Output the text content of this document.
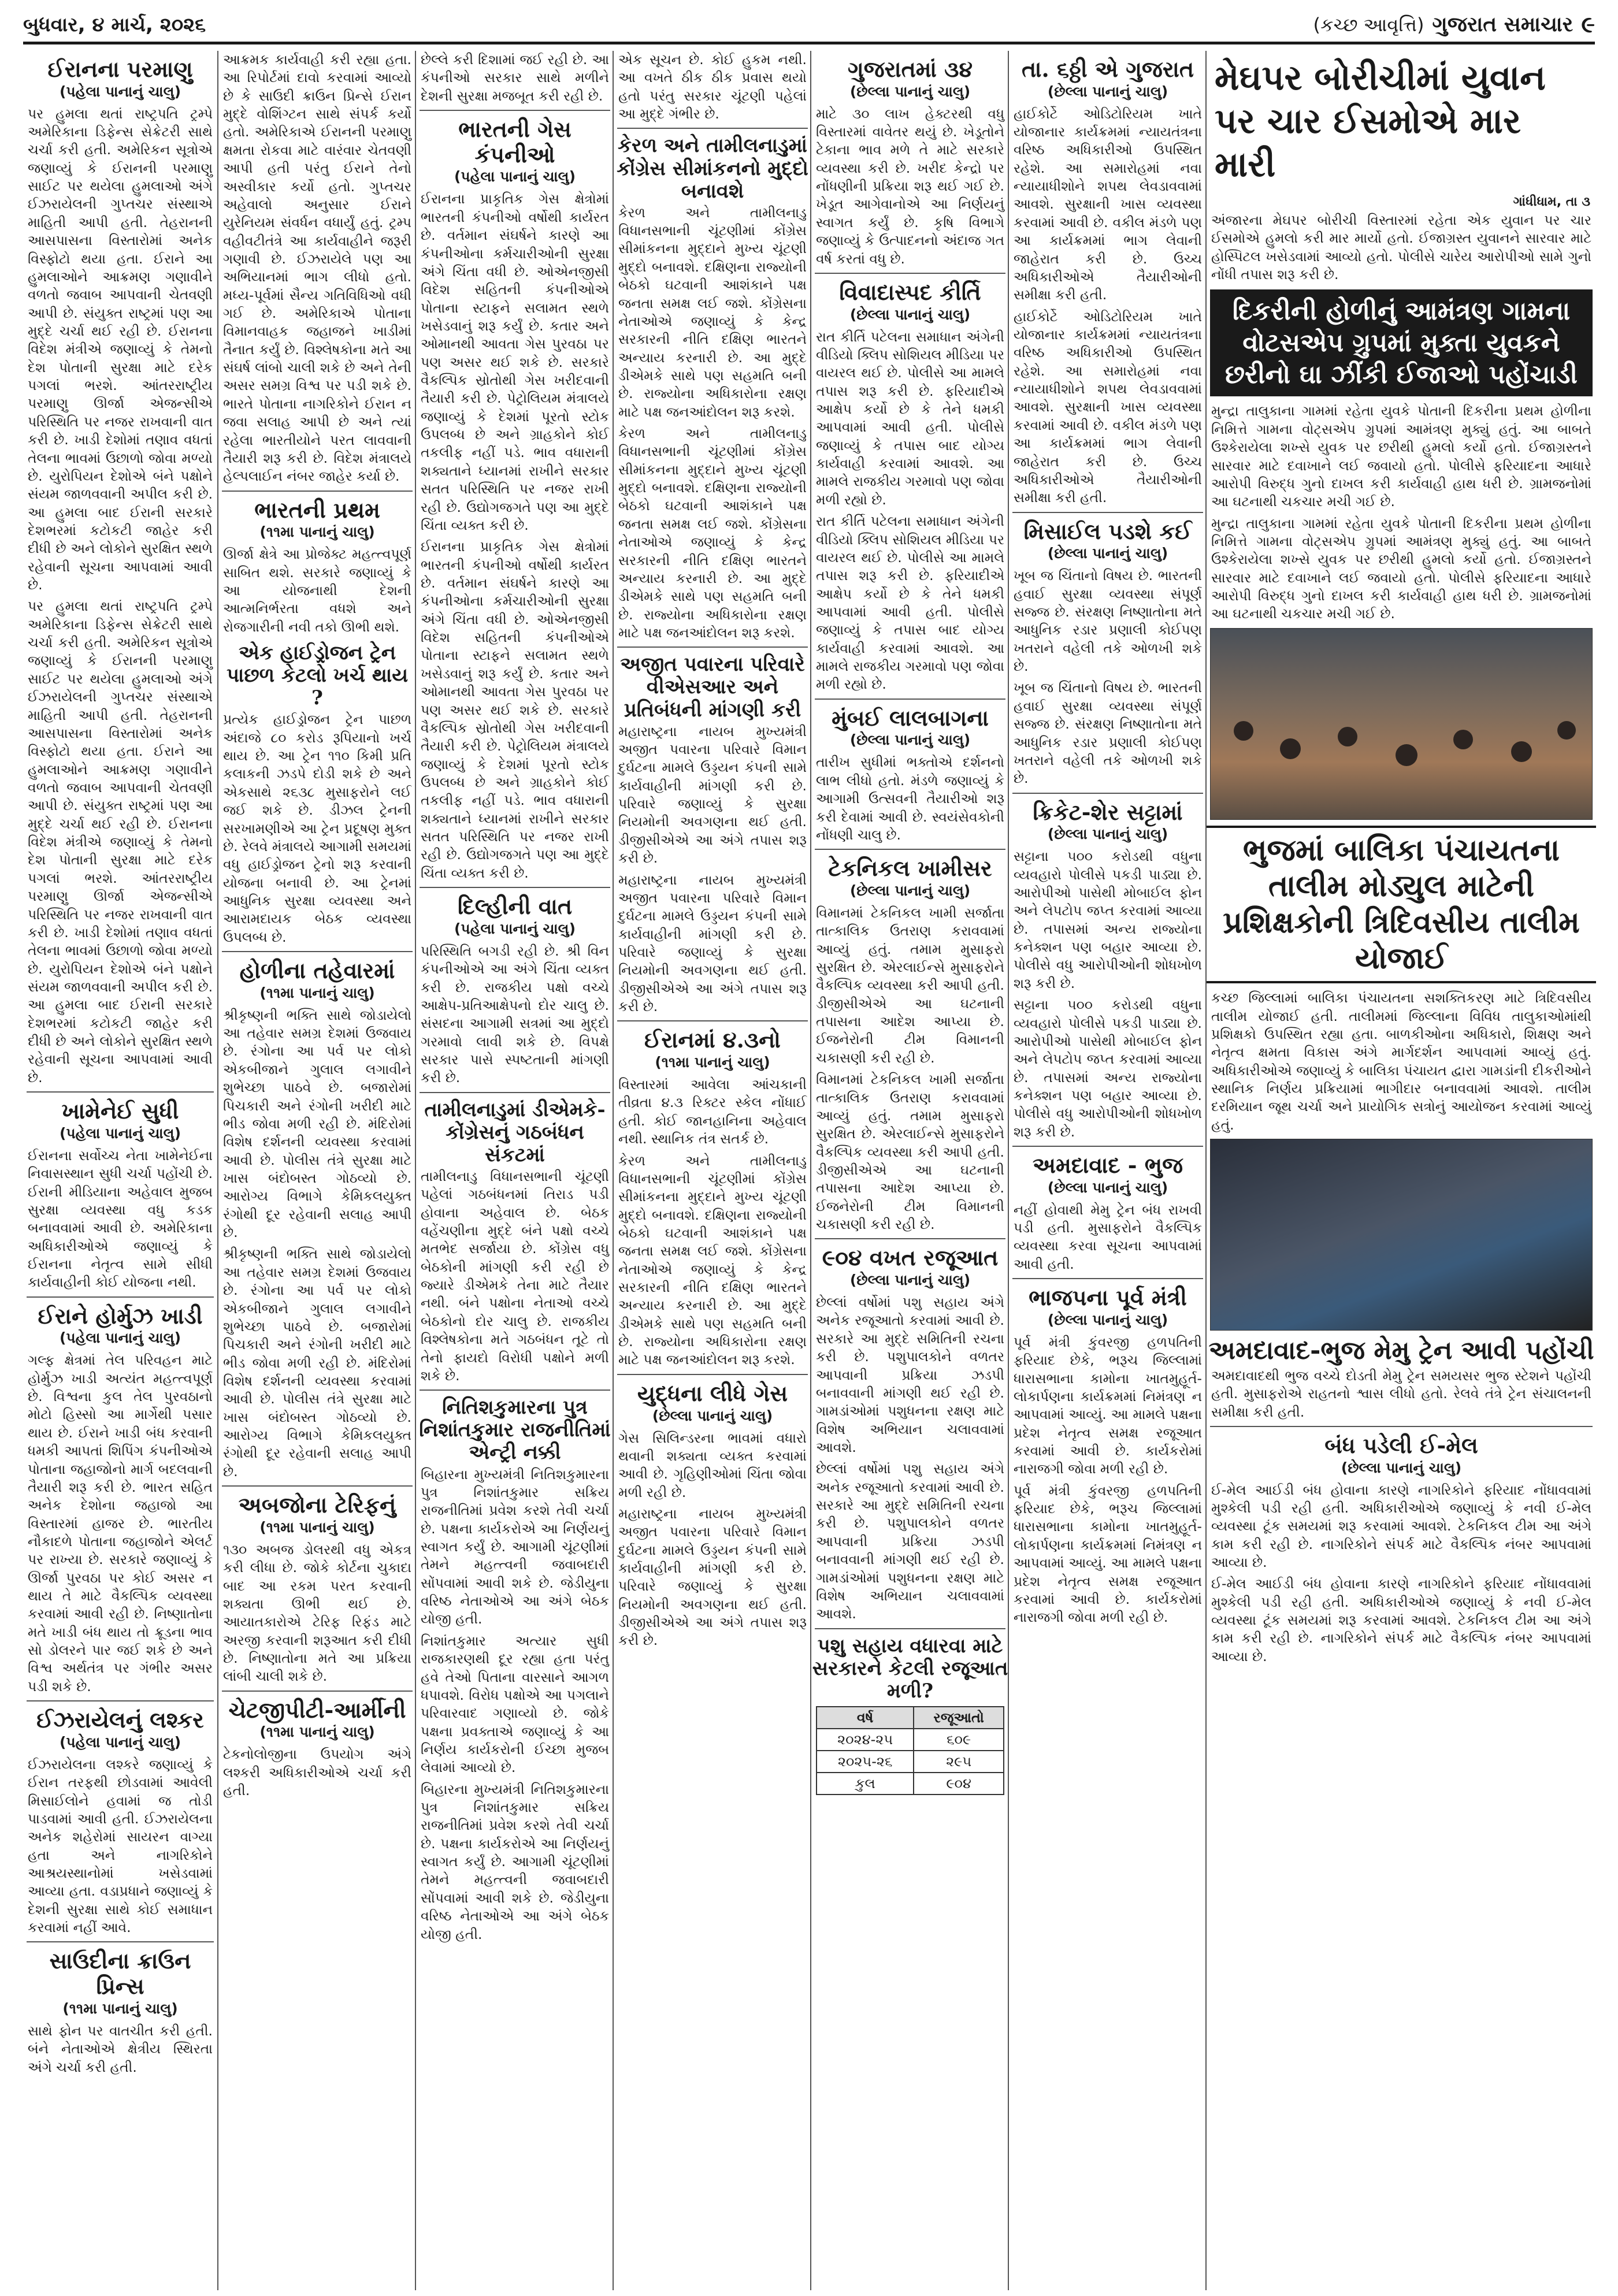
બુધવાર, ૪ માર્ચ, ૨૦૨૬	(કચ્છ આવૃત્તિ) ગુજરાત સમાચાર ૯
ઈરાનના પરમાણુ
(પહેલા પાનાનું ચાલુ)
પર હુમલા થતાં રાષ્ટ્રપતિ ટ્રમ્પે અમેરિકાના ડિફેન્સ સેક્રેટરી સાથે ચર્ચા કરી હતી. અમેરિકન સૂત્રોએ જણાવ્યું કે ઈરાનની પરમાણુ સાઈટ પર થયેલા હુમલાઓ અંગે ઈઝરાયેલની ગુપ્તચર સંસ્થાએ માહિતી આપી હતી. તેહરાનની આસપાસના વિસ્તારોમાં અનેક વિસ્ફોટો થયા હતા. ઈરાને આ હુમલાઓને આક્રમણ ગણાવીને વળતો જવાબ આપવાની ચેતવણી આપી છે. સંયુક્ત રાષ્ટ્રમાં પણ આ મુદ્દે ચર્ચા થઈ રહી છે. ઈરાનના વિદેશ મંત્રીએ જણાવ્યું કે તેમનો દેશ પોતાની સુરક્ષા માટે દરેક પગલાં ભરશે. આંતરરાષ્ટ્રીય પરમાણુ ઊર્જા એજન્સીએ પરિસ્થિતિ પર નજર રાખવાની વાત કરી છે. ખાડી દેશોમાં તણાવ વધતાં તેલના ભાવમાં ઉછાળો જોવા મળ્યો છે. યુરોપિયન દેશોએ બંને પક્ષોને સંયમ જાળવવાની અપીલ કરી છે. આ હુમલા બાદ ઈરાની સરકારે દેશભરમાં કટોકટી જાહેર કરી દીધી છે અને લોકોને સુરક્ષિત સ્થળે રહેવાની સૂચના આપવામાં આવી છે.
પર હુમલા થતાં રાષ્ટ્રપતિ ટ્રમ્પે અમેરિકાના ડિફેન્સ સેક્રેટરી સાથે ચર્ચા કરી હતી. અમેરિકન સૂત્રોએ જણાવ્યું કે ઈરાનની પરમાણુ સાઈટ પર થયેલા હુમલાઓ અંગે ઈઝરાયેલની ગુપ્તચર સંસ્થાએ માહિતી આપી હતી. તેહરાનની આસપાસના વિસ્તારોમાં અનેક વિસ્ફોટો થયા હતા. ઈરાને આ હુમલાઓને આક્રમણ ગણાવીને વળતો જવાબ આપવાની ચેતવણી આપી છે. સંયુક્ત રાષ્ટ્રમાં પણ આ મુદ્દે ચર્ચા થઈ રહી છે. ઈરાનના વિદેશ મંત્રીએ જણાવ્યું કે તેમનો દેશ પોતાની સુરક્ષા માટે દરેક પગલાં ભરશે. આંતરરાષ્ટ્રીય પરમાણુ ઊર્જા એજન્સીએ પરિસ્થિતિ પર નજર રાખવાની વાત કરી છે. ખાડી દેશોમાં તણાવ વધતાં તેલના ભાવમાં ઉછાળો જોવા મળ્યો છે. યુરોપિયન દેશોએ બંને પક્ષોને સંયમ જાળવવાની અપીલ કરી છે. આ હુમલા બાદ ઈરાની સરકારે દેશભરમાં કટોકટી જાહેર કરી દીધી છે અને લોકોને સુરક્ષિત સ્થળે રહેવાની સૂચના આપવામાં આવી છે.
ખામેનેઈ સુધી
(પહેલા પાનાનું ચાલુ)
ઈરાનના સર્વોચ્ચ નેતા ખામેનેઈના નિવાસસ્થાન સુધી ચર્ચા પહોંચી છે. ઈરાની મીડિયાના અહેવાલ મુજબ સુરક્ષા વ્યવસ્થા વધુ કડક બનાવવામાં આવી છે. અમેરિકાના અધિકારીઓએ જણાવ્યું કે ઈરાનના નેતૃત્વ સામે સીધી કાર્યવાહીની કોઈ યોજના નથી.
ઈરાને હોર્મુઝ ખાડી
(પહેલા પાનાનું ચાલુ)
ગલ્ફ ક્ષેત્રમાં તેલ પરિવહન માટે હોર્મુઝ ખાડી અત્યંત મહત્ત્વપૂર્ણ છે. વિશ્વના કુલ તેલ પુરવઠાનો મોટો હિસ્સો આ માર્ગેથી પસાર થાય છે. ઈરાને ખાડી બંધ કરવાની ધમકી આપતાં શિપિંગ કંપનીઓએ પોતાના જહાજોનો માર્ગ બદલવાની તૈયારી શરૂ કરી છે. ભારત સહિત અનેક દેશોના જહાજો આ વિસ્તારમાં હાજર છે. ભારતીય નૌકાદળે પોતાના જહાજોને એલર્ટ પર રાખ્યા છે. સરકારે જણાવ્યું કે ઊર્જા પુરવઠા પર કોઈ અસર ન થાય તે માટે વૈકલ્પિક વ્યવસ્થા કરવામાં આવી રહી છે. નિષ્ણાતોના મતે ખાડી બંધ થાય તો ક્રૂડના ભાવ સો ડોલરને પાર જઈ શકે છે અને વિશ્વ અર્થતંત્ર પર ગંભીર અસર પડી શકે છે.
ઈઝરાયેલનું લશ્કર
(પહેલા પાનાનું ચાલુ)
ઈઝરાયેલના લશ્કરે જણાવ્યું કે ઈરાન તરફથી છોડવામાં આવેલી મિસાઈલોને હવામાં જ તોડી પાડવામાં આવી હતી. ઈઝરાયેલના અનેક શહેરોમાં સાયરન વાગ્યા હતા અને નાગરિકોને આશ્રયસ્થાનોમાં ખસેડવામાં આવ્યા હતા. વડાપ્રધાને જણાવ્યું કે દેશની સુરક્ષા સાથે કોઈ સમાધાન કરવામાં નહીં આવે.
સાઉદીના ક્રાઉન પ્રિન્સ
(૧૧મા પાનાનું ચાલુ)
સાથે ફોન પર વાતચીત કરી હતી. બંને નેતાઓએ ક્ષેત્રીય સ્થિરતા અંગે ચર્ચા કરી હતી.
આક્રમક કાર્યવાહી કરી રહ્યા હતા. આ રિપોર્ટમાં દાવો કરવામાં આવ્યો છે કે સાઉદી ક્રાઉન પ્રિન્સે ઈરાન મુદ્દે વોશિંગ્ટન સાથે સંપર્ક કર્યો હતો. અમેરિકાએ ઈરાનની પરમાણુ ક્ષમતા રોકવા માટે વારંવાર ચેતવણી આપી હતી પરંતુ ઈરાને તેનો અસ્વીકાર કર્યો હતો. ગુપ્તચર અહેવાલો અનુસાર ઈરાને યુરેનિયમ સંવર્ધન વધાર્યું હતું. ટ્રમ્પ વહીવટીતંત્રે આ કાર્યવાહીને જરૂરી ગણાવી છે. ઈઝરાયેલે પણ આ અભિયાનમાં ભાગ લીધો હતો. મધ્ય-પૂર્વમાં સૈન્ય ગતિવિધિઓ વધી ગઈ છે. અમેરિકાએ પોતાના વિમાનવાહક જહાજને ખાડીમાં તૈનાત કર્યું છે. વિશ્લેષકોના મતે આ સંઘર્ષ લાંબો ચાલી શકે છે અને તેની અસર સમગ્ર વિશ્વ પર પડી શકે છે. ભારતે પોતાના નાગરિકોને ઈરાન ન જવા સલાહ આપી છે અને ત્યાં રહેલા ભારતીયોને પરત લાવવાની તૈયારી શરૂ કરી છે. વિદેશ મંત્રાલયે હેલ્પલાઈન નંબર જાહેર કર્યા છે.
ભારતની પ્રથમ
(૧૧મા પાનાનું ચાલુ)
ઊર્જા ક્ષેત્રે આ પ્રોજેક્ટ મહત્ત્વપૂર્ણ સાબિત થશે. સરકારે જણાવ્યું કે આ યોજનાથી દેશની આત્મનિર્ભરતા વધશે અને રોજગારીની નવી તકો ઊભી થશે.
એક હાઈડ્રોજન ટ્રેન પાછળ કેટલો ખર્ચ થાય ?
પ્રત્યેક હાઈડ્રોજન ટ્રેન પાછળ અંદાજે ૮૦ કરોડ રૂપિયાનો ખર્ચ થાય છે. આ ટ્રેન ૧૧૦ કિમી પ્રતિ કલાકની ઝડપે દોડી શકે છે અને એકસાથે ૨૬૩૮ મુસાફરોને લઈ જઈ શકે છે. ડીઝલ ટ્રેનની સરખામણીએ આ ટ્રેન પ્રદૂષણ મુક્ત છે. રેલવે મંત્રાલયે આગામી સમયમાં વધુ હાઈડ્રોજન ટ્રેનો શરૂ કરવાની યોજના બનાવી છે. આ ટ્રેનમાં આધુનિક સુરક્ષા વ્યવસ્થા અને આરામદાયક બેઠક વ્યવસ્થા ઉપલબ્ધ છે.
હોળીના તહેવારમાં
(૧૧મા પાનાનું ચાલુ)
શ્રીકૃષ્ણની ભક્તિ સાથે જોડાયેલો આ તહેવાર સમગ્ર દેશમાં ઉજવાય છે. રંગોના આ પર્વ પર લોકો એકબીજાને ગુલાલ લગાવીને શુભેચ્છા પાઠવે છે. બજારોમાં પિચકારી અને રંગોની ખરીદી માટે ભીડ જોવા મળી રહી છે. મંદિરોમાં વિશેષ દર્શનની વ્યવસ્થા કરવામાં આવી છે. પોલીસ તંત્રે સુરક્ષા માટે ખાસ બંદોબસ્ત ગોઠવ્યો છે. આરોગ્ય વિભાગે કેમિકલયુક્ત રંગોથી દૂર રહેવાની સલાહ આપી છે.
શ્રીકૃષ્ણની ભક્તિ સાથે જોડાયેલો આ તહેવાર સમગ્ર દેશમાં ઉજવાય છે. રંગોના આ પર્વ પર લોકો એકબીજાને ગુલાલ લગાવીને શુભેચ્છા પાઠવે છે. બજારોમાં પિચકારી અને રંગોની ખરીદી માટે ભીડ જોવા મળી રહી છે. મંદિરોમાં વિશેષ દર્શનની વ્યવસ્થા કરવામાં આવી છે. પોલીસ તંત્રે સુરક્ષા માટે ખાસ બંદોબસ્ત ગોઠવ્યો છે. આરોગ્ય વિભાગે કેમિકલયુક્ત રંગોથી દૂર રહેવાની સલાહ આપી છે.
અબજોના ટેરિફનું
(૧૧મા પાનાનું ચાલુ)
૧૩૦ અબજ ડોલરથી વધુ એકત્ર કરી લીધા છે. જોકે કોર્ટના ચુકાદા બાદ આ રકમ પરત કરવાની શક્યતા ઊભી થઈ છે. આયાતકારોએ ટેરિફ રિફંડ માટે અરજી કરવાની શરૂઆત કરી દીધી છે. નિષ્ણાતોના મતે આ પ્રક્રિયા લાંબી ચાલી શકે છે.
ચેટજીપીટી-આર્મીની
(૧૧મા પાનાનું ચાલુ)
ટેકનોલોજીના ઉપયોગ અંગે લશ્કરી અધિકારીઓએ ચર્ચા કરી હતી.
છેલ્લે કરી દિશામાં જઈ રહી છે. આ કંપનીઓ સરકાર સાથે મળીને દેશની સુરક્ષા મજબૂત કરી રહી છે.
ભારતની ગેસ કંપનીઓ
(પહેલા પાનાનું ચાલુ)
ઈરાનના પ્રાકૃતિક ગેસ ક્ષેત્રોમાં ભારતની કંપનીઓ વર્ષોથી કાર્યરત છે. વર્તમાન સંઘર્ષને કારણે આ કંપનીઓના કર્મચારીઓની સુરક્ષા અંગે ચિંતા વધી છે. ઓએનજીસી વિદેશ સહિતની કંપનીઓએ પોતાના સ્ટાફને સલામત સ્થળે ખસેડવાનું શરૂ કર્યું છે. કતાર અને ઓમાનથી આવતા ગેસ પુરવઠા પર પણ અસર થઈ શકે છે. સરકારે વૈકલ્પિક સ્રોતોથી ગેસ ખરીદવાની તૈયારી કરી છે. પેટ્રોલિયમ મંત્રાલયે જણાવ્યું કે દેશમાં પૂરતો સ્ટોક ઉપલબ્ધ છે અને ગ્રાહકોને કોઈ તકલીફ નહીં પડે. ભાવ વધારાની શક્યતાને ધ્યાનમાં રાખીને સરકાર સતત પરિસ્થિતિ પર નજર રાખી રહી છે. ઉદ્યોગજગતે પણ આ મુદ્દે ચિંતા વ્યક્ત કરી છે.
ઈરાનના પ્રાકૃતિક ગેસ ક્ષેત્રોમાં ભારતની કંપનીઓ વર્ષોથી કાર્યરત છે. વર્તમાન સંઘર્ષને કારણે આ કંપનીઓના કર્મચારીઓની સુરક્ષા અંગે ચિંતા વધી છે. ઓએનજીસી વિદેશ સહિતની કંપનીઓએ પોતાના સ્ટાફને સલામત સ્થળે ખસેડવાનું શરૂ કર્યું છે. કતાર અને ઓમાનથી આવતા ગેસ પુરવઠા પર પણ અસર થઈ શકે છે. સરકારે વૈકલ્પિક સ્રોતોથી ગેસ ખરીદવાની તૈયારી કરી છે. પેટ્રોલિયમ મંત્રાલયે જણાવ્યું કે દેશમાં પૂરતો સ્ટોક ઉપલબ્ધ છે અને ગ્રાહકોને કોઈ તકલીફ નહીં પડે. ભાવ વધારાની શક્યતાને ધ્યાનમાં રાખીને સરકાર સતત પરિસ્થિતિ પર નજર રાખી રહી છે. ઉદ્યોગજગતે પણ આ મુદ્દે ચિંતા વ્યક્ત કરી છે.
દિલ્હીની વાત
(પહેલા પાનાનું ચાલુ)
પરિસ્થિતિ બગડી રહી છે. શ્રી વિન કંપનીઓએ આ અંગે ચિંતા વ્યક્ત કરી છે. રાજકીય પક્ષો વચ્ચે આક્ષેપ-પ્રતિઆક્ષેપનો દોર ચાલુ છે. સંસદના આગામી સત્રમાં આ મુદ્દો ગરમાવો લાવી શકે છે. વિપક્ષે સરકાર પાસે સ્પષ્ટતાની માંગણી કરી છે.
તામીલનાડુમાં ડીએમકે-કોંગ્રેસનું ગઠબંધન સંકટમાં
તામીલનાડુ વિધાનસભાની ચૂંટણી પહેલાં ગઠબંધનમાં તિરાડ પડી હોવાના અહેવાલ છે. બેઠક વહેંચણીના મુદ્દે બંને પક્ષો વચ્ચે મતભેદ સર્જાયા છે. કોંગ્રેસ વધુ બેઠકોની માંગણી કરી રહી છે જ્યારે ડીએમકે તેના માટે તૈયાર નથી. બંને પક્ષોના નેતાઓ વચ્ચે બેઠકોનો દોર ચાલુ છે. રાજકીય વિશ્લેષકોના મતે ગઠબંધન તૂટે તો તેનો ફાયદો વિરોધી પક્ષોને મળી શકે છે.
નિતિશકુમારના પુત્ર નિશાંતકુમાર રાજનીતિમાં એન્ટ્રી નક્કી
બિહારના મુખ્યમંત્રી નિતિશકુમારના પુત્ર નિશાંતકુમાર સક્રિય રાજનીતિમાં પ્રવેશ કરશે તેવી ચર્ચા છે. પક્ષના કાર્યકરોએ આ નિર્ણયનું સ્વાગત કર્યું છે. આગામી ચૂંટણીમાં તેમને મહત્ત્વની જવાબદારી સોંપવામાં આવી શકે છે. જેડીયુના વરિષ્ઠ નેતાઓએ આ અંગે બેઠક યોજી હતી.
નિશાંતકુમાર અત્યાર સુધી રાજકારણથી દૂર રહ્યા હતા પરંતુ હવે તેઓ પિતાના વારસાને આગળ ધપાવશે. વિરોધ પક્ષોએ આ પગલાને પરિવારવાદ ગણાવ્યો છે. જોકે પક્ષના પ્રવક્તાએ જણાવ્યું કે આ નિર્ણય કાર્યકરોની ઈચ્છા મુજબ લેવામાં આવ્યો છે.
બિહારના મુખ્યમંત્રી નિતિશકુમારના પુત્ર નિશાંતકુમાર સક્રિય રાજનીતિમાં પ્રવેશ કરશે તેવી ચર્ચા છે. પક્ષના કાર્યકરોએ આ નિર્ણયનું સ્વાગત કર્યું છે. આગામી ચૂંટણીમાં તેમને મહત્ત્વની જવાબદારી સોંપવામાં આવી શકે છે. જેડીયુના વરિષ્ઠ નેતાઓએ આ અંગે બેઠક યોજી હતી.
એક સૂચન છે. કોઈ હુકમ નથી. આ વખતે ઠીક ઠીક પ્રવાસ થયો હતો પરંતુ સરકાર ચૂંટણી પહેલાં આ મુદ્દે ગંભીર છે.
કેરળ અને તામીલનાડુમાં કોંગ્રેસ સીમાંકનનો મુદ્દો બનાવશે
કેરળ અને તામીલનાડુ વિધાનસભાની ચૂંટણીમાં કોંગ્રેસ સીમાંકનના મુદ્દાને મુખ્ય ચૂંટણી મુદ્દો બનાવશે. દક્ષિણના રાજ્યોની બેઠકો ઘટવાની આશંકાને પક્ષ જનતા સમક્ષ લઈ જશે. કોંગ્રેસના નેતાઓએ જણાવ્યું કે કેન્દ્ર સરકારની નીતિ દક્ષિણ ભારતને અન્યાય કરનારી છે. આ મુદ્દે ડીએમકે સાથે પણ સહમતિ બની છે. રાજ્યોના અધિકારોના રક્ષણ માટે પક્ષ જનઆંદોલન શરૂ કરશે.
કેરળ અને તામીલનાડુ વિધાનસભાની ચૂંટણીમાં કોંગ્રેસ સીમાંકનના મુદ્દાને મુખ્ય ચૂંટણી મુદ્દો બનાવશે. દક્ષિણના રાજ્યોની બેઠકો ઘટવાની આશંકાને પક્ષ જનતા સમક્ષ લઈ જશે. કોંગ્રેસના નેતાઓએ જણાવ્યું કે કેન્દ્ર સરકારની નીતિ દક્ષિણ ભારતને અન્યાય કરનારી છે. આ મુદ્દે ડીએમકે સાથે પણ સહમતિ બની છે. રાજ્યોના અધિકારોના રક્ષણ માટે પક્ષ જનઆંદોલન શરૂ કરશે.
અજીત પવારના પરિવારે વીએસઆર અને પ્રતિબંધની માંગણી કરી
મહારાષ્ટ્રના નાયબ મુખ્યમંત્રી અજીત પવારના પરિવારે વિમાન દુર્ઘટના મામલે ઉડ્ડયન કંપની સામે કાર્યવાહીની માંગણી કરી છે. પરિવારે જણાવ્યું કે સુરક્ષા નિયમોની અવગણના થઈ હતી. ડીજીસીએએ આ અંગે તપાસ શરૂ કરી છે.
મહારાષ્ટ્રના નાયબ મુખ્યમંત્રી અજીત પવારના પરિવારે વિમાન દુર્ઘટના મામલે ઉડ્ડયન કંપની સામે કાર્યવાહીની માંગણી કરી છે. પરિવારે જણાવ્યું કે સુરક્ષા નિયમોની અવગણના થઈ હતી. ડીજીસીએએ આ અંગે તપાસ શરૂ કરી છે.
ઈરાનમાં ૪.૩નો
(૧૧મા પાનાનું ચાલુ)
વિસ્તારમાં આવેલા આંચકાની તીવ્રતા ૪.૩ રિક્ટર સ્કેલ નોંધાઈ હતી. કોઈ જાનહાનિના અહેવાલ નથી. સ્થાનિક તંત્ર સતર્ક છે.
કેરળ અને તામીલનાડુ વિધાનસભાની ચૂંટણીમાં કોંગ્રેસ સીમાંકનના મુદ્દાને મુખ્ય ચૂંટણી મુદ્દો બનાવશે. દક્ષિણના રાજ્યોની બેઠકો ઘટવાની આશંકાને પક્ષ જનતા સમક્ષ લઈ જશે. કોંગ્રેસના નેતાઓએ જણાવ્યું કે કેન્દ્ર સરકારની નીતિ દક્ષિણ ભારતને અન્યાય કરનારી છે. આ મુદ્દે ડીએમકે સાથે પણ સહમતિ બની છે. રાજ્યોના અધિકારોના રક્ષણ માટે પક્ષ જનઆંદોલન શરૂ કરશે.
યુદ્ધના લીધે ગેસ
(છેલ્લા પાનાનું ચાલુ)
ગેસ સિલિન્ડરના ભાવમાં વધારો થવાની શક્યતા વ્યક્ત કરવામાં આવી છે. ગૃહિણીઓમાં ચિંતા જોવા મળી રહી છે.
મહારાષ્ટ્રના નાયબ મુખ્યમંત્રી અજીત પવારના પરિવારે વિમાન દુર્ઘટના મામલે ઉડ્ડયન કંપની સામે કાર્યવાહીની માંગણી કરી છે. પરિવારે જણાવ્યું કે સુરક્ષા નિયમોની અવગણના થઈ હતી. ડીજીસીએએ આ અંગે તપાસ શરૂ કરી છે.
ગુજરાતમાં ૩૪
(છેલ્લા પાનાનું ચાલુ)
માટે ૩૦ લાખ હેક્ટરથી વધુ વિસ્તારમાં વાવેતર થયું છે. ખેડૂતોને ટેકાના ભાવ મળે તે માટે સરકારે વ્યવસ્થા કરી છે. ખરીદ કેન્દ્રો પર નોંધણીની પ્રક્રિયા શરૂ થઈ ગઈ છે. ખેડૂત આગેવાનોએ આ નિર્ણયનું સ્વાગત કર્યું છે. કૃષિ વિભાગે જણાવ્યું કે ઉત્પાદનનો અંદાજ ગત વર્ષ કરતાં વધુ છે.
વિવાદાસ્પદ કીર્તિ
(છેલ્લા પાનાનું ચાલુ)
રાત કીર્તિ પટેલના સમાધાન અંગેની વીડિયો ક્લિપ સોશિયલ મીડિયા પર વાયરલ થઈ છે. પોલીસે આ મામલે તપાસ શરૂ કરી છે. ફરિયાદીએ આક્ષેપ કર્યો છે કે તેને ધમકી આપવામાં આવી હતી. પોલીસે જણાવ્યું કે તપાસ બાદ યોગ્ય કાર્યવાહી કરવામાં આવશે. આ મામલે રાજકીય ગરમાવો પણ જોવા મળી રહ્યો છે.
રાત કીર્તિ પટેલના સમાધાન અંગેની વીડિયો ક્લિપ સોશિયલ મીડિયા પર વાયરલ થઈ છે. પોલીસે આ મામલે તપાસ શરૂ કરી છે. ફરિયાદીએ આક્ષેપ કર્યો છે કે તેને ધમકી આપવામાં આવી હતી. પોલીસે જણાવ્યું કે તપાસ બાદ યોગ્ય કાર્યવાહી કરવામાં આવશે. આ મામલે રાજકીય ગરમાવો પણ જોવા મળી રહ્યો છે.
મુંબઈ લાલબાગના
(છેલ્લા પાનાનું ચાલુ)
તારીખ સુધીમાં ભક્તોએ દર્શનનો લાભ લીધો હતો. મંડળે જણાવ્યું કે આગામી ઉત્સવની તૈયારીઓ શરૂ કરી દેવામાં આવી છે. સ્વયંસેવકોની નોંધણી ચાલુ છે.
ટેકનિકલ ખામીસર
(છેલ્લા પાનાનું ચાલુ)
વિમાનમાં ટેકનિકલ ખામી સર્જાતા તાત્કાલિક ઉતરાણ કરાવવામાં આવ્યું હતું. તમામ મુસાફરો સુરક્ષિત છે. એરલાઈન્સે મુસાફરોને વૈકલ્પિક વ્યવસ્થા કરી આપી હતી. ડીજીસીએએ આ ઘટનાની તપાસના આદેશ આપ્યા છે. ઈજનેરોની ટીમ વિમાનની ચકાસણી કરી રહી છે.
વિમાનમાં ટેકનિકલ ખામી સર્જાતા તાત્કાલિક ઉતરાણ કરાવવામાં આવ્યું હતું. તમામ મુસાફરો સુરક્ષિત છે. એરલાઈન્સે મુસાફરોને વૈકલ્પિક વ્યવસ્થા કરી આપી હતી. ડીજીસીએએ આ ઘટનાની તપાસના આદેશ આપ્યા છે. ઈજનેરોની ટીમ વિમાનની ચકાસણી કરી રહી છે.
૯૦૪ વખત રજૂઆત
(છેલ્લા પાનાનું ચાલુ)
છેલ્લાં વર્ષોમાં પશુ સહાય અંગે અનેક રજૂઆતો કરવામાં આવી છે. સરકારે આ મુદ્દે સમિતિની રચના કરી છે. પશુપાલકોને વળતર આપવાની પ્રક્રિયા ઝડપી બનાવવાની માંગણી થઈ રહી છે. ગામડાંઓમાં પશુધનના રક્ષણ માટે વિશેષ અભિયાન ચલાવવામાં આવશે.
છેલ્લાં વર્ષોમાં પશુ સહાય અંગે અનેક રજૂઆતો કરવામાં આવી છે. સરકારે આ મુદ્દે સમિતિની રચના કરી છે. પશુપાલકોને વળતર આપવાની પ્રક્રિયા ઝડપી બનાવવાની માંગણી થઈ રહી છે. ગામડાંઓમાં પશુધનના રક્ષણ માટે વિશેષ અભિયાન ચલાવવામાં આવશે.
પશુ સહાય વધારવા માટે સરકારને કેટલી રજૂઆત મળી?
વર્ષ	રજૂઆતો
૨૦૨૪-૨૫	૬૦૯
૨૦૨૫-૨૬	૨૯૫
કુલ	૯૦૪
તા. ૬ઠ્ઠી એ ગુજરાત
(છેલ્લા પાનાનું ચાલુ)
હાઈકોર્ટે ઓડિટોરિયમ ખાતે યોજાનાર કાર્યક્રમમાં ન્યાયતંત્રના વરિષ્ઠ અધિકારીઓ ઉપસ્થિત રહેશે. આ સમારોહમાં નવા ન્યાયાધીશોને શપથ લેવડાવવામાં આવશે. સુરક્ષાની ખાસ વ્યવસ્થા કરવામાં આવી છે. વકીલ મંડળે પણ આ કાર્યક્રમમાં ભાગ લેવાની જાહેરાત કરી છે. ઉચ્ચ અધિકારીઓએ તૈયારીઓની સમીક્ષા કરી હતી.
હાઈકોર્ટે ઓડિટોરિયમ ખાતે યોજાનાર કાર્યક્રમમાં ન્યાયતંત્રના વરિષ્ઠ અધિકારીઓ ઉપસ્થિત રહેશે. આ સમારોહમાં નવા ન્યાયાધીશોને શપથ લેવડાવવામાં આવશે. સુરક્ષાની ખાસ વ્યવસ્થા કરવામાં આવી છે. વકીલ મંડળે પણ આ કાર્યક્રમમાં ભાગ લેવાની જાહેરાત કરી છે. ઉચ્ચ અધિકારીઓએ તૈયારીઓની સમીક્ષા કરી હતી.
મિસાઈલ પડશે કઈ
(છેલ્લા પાનાનું ચાલુ)
ખૂબ જ ચિંતાનો વિષય છે. ભારતની હવાઈ સુરક્ષા વ્યવસ્થા સંપૂર્ણ સજ્જ છે. સંરક્ષણ નિષ્ણાતોના મતે આધુનિક રડાર પ્રણાલી કોઈપણ ખતરાને વહેલી તકે ઓળખી શકે છે.
ખૂબ જ ચિંતાનો વિષય છે. ભારતની હવાઈ સુરક્ષા વ્યવસ્થા સંપૂર્ણ સજ્જ છે. સંરક્ષણ નિષ્ણાતોના મતે આધુનિક રડાર પ્રણાલી કોઈપણ ખતરાને વહેલી તકે ઓળખી શકે છે.
ક્રિકેટ-શેર સટ્ટામાં
(છેલ્લા પાનાનું ચાલુ)
સટ્ટાના ૫૦૦ કરોડથી વધુના વ્યવહારો પોલીસે પકડી પાડ્યા છે. આરોપીઓ પાસેથી મોબાઈલ ફોન અને લેપટોપ જપ્ત કરવામાં આવ્યા છે. તપાસમાં અન્ય રાજ્યોના કનેક્શન પણ બહાર આવ્યા છે. પોલીસે વધુ આરોપીઓની શોધખોળ શરૂ કરી છે.
સટ્ટાના ૫૦૦ કરોડથી વધુના વ્યવહારો પોલીસે પકડી પાડ્યા છે. આરોપીઓ પાસેથી મોબાઈલ ફોન અને લેપટોપ જપ્ત કરવામાં આવ્યા છે. તપાસમાં અન્ય રાજ્યોના કનેક્શન પણ બહાર આવ્યા છે. પોલીસે વધુ આરોપીઓની શોધખોળ શરૂ કરી છે.
અમદાવાદ - ભુજ
(છેલ્લા પાનાનું ચાલુ)
નહીં હોવાથી મેમુ ટ્રેન બંધ રાખવી પડી હતી. મુસાફરોને વૈકલ્પિક વ્યવસ્થા કરવા સૂચના આપવામાં આવી હતી.
ભાજપના પૂર્વ મંત્રી
(છેલ્લા પાનાનું ચાલુ)
પૂર્વ મંત્રી કુંવરજી હળપતિની ફરિયાદ છેકે, ભરૂચ જિલ્લામાં ધારાસભાના કામોના ખાતમુહૂર્ત-લોકાર્પણના કાર્યક્રમમાં નિમંત્રણ ન આપવામાં આવ્યું. આ મામલે પક્ષના પ્રદેશ નેતૃત્વ સમક્ષ રજૂઆત કરવામાં આવી છે. કાર્યકરોમાં નારાજગી જોવા મળી રહી છે.
પૂર્વ મંત્રી કુંવરજી હળપતિની ફરિયાદ છેકે, ભરૂચ જિલ્લામાં ધારાસભાના કામોના ખાતમુહૂર્ત-લોકાર્પણના કાર્યક્રમમાં નિમંત્રણ ન આપવામાં આવ્યું. આ મામલે પક્ષના પ્રદેશ નેતૃત્વ સમક્ષ રજૂઆત કરવામાં આવી છે. કાર્યકરોમાં નારાજગી જોવા મળી રહી છે.
મેઘપર બોરીચીમાં યુવાન પર ચાર ઈસમોએ માર મારી
ગાંધીધામ, તા ૩
અંજારના મેઘપર બોરીચી વિસ્તારમાં રહેતા એક યુવાન પર ચાર ઈસમોએ હુમલો કરી માર માર્યો હતો. ઈજાગ્રસ્ત યુવાનને સારવાર માટે હોસ્પિટલ ખસેડવામાં આવ્યો હતો. પોલીસે ચારેય આરોપીઓ સામે ગુનો નોંધી તપાસ શરૂ કરી છે.
દિકરીની હોળીનું આમંત્રણ ગામના વોટસએપ ગ્રુપમાં મુક્તા યુવકને છરીનો ઘા ઝીંકી ઈજાઓ પહોંચાડી
મુન્દ્રા તાલુકાના ગામમાં રહેતા યુવકે પોતાની દિકરીના પ્રથમ હોળીના નિમિત્તે ગામના વોટ્સએપ ગ્રુપમાં આમંત્રણ મુક્યું હતું. આ બાબતે ઉશ્કેરાયેલા શખ્સે યુવક પર છરીથી હુમલો કર્યો હતો. ઈજાગ્રસ્તને સારવાર માટે દવાખાને લઈ જવાયો હતો. પોલીસે ફરિયાદના આધારે આરોપી વિરુદ્ધ ગુનો દાખલ કરી કાર્યવાહી હાથ ધરી છે. ગ્રામજનોમાં આ ઘટનાથી ચકચાર મચી ગઈ છે.
મુન્દ્રા તાલુકાના ગામમાં રહેતા યુવકે પોતાની દિકરીના પ્રથમ હોળીના નિમિત્તે ગામના વોટ્સએપ ગ્રુપમાં આમંત્રણ મુક્યું હતું. આ બાબતે ઉશ્કેરાયેલા શખ્સે યુવક પર છરીથી હુમલો કર્યો હતો. ઈજાગ્રસ્તને સારવાર માટે દવાખાને લઈ જવાયો હતો. પોલીસે ફરિયાદના આધારે આરોપી વિરુદ્ધ ગુનો દાખલ કરી કાર્યવાહી હાથ ધરી છે. ગ્રામજનોમાં આ ઘટનાથી ચકચાર મચી ગઈ છે.
ભુજમાં બાલિકા પંચાયતના તાલીમ મોડ્યુલ માટેની પ્રશિક્ષકોની ત્રિદિવસીય તાલીમ યોજાઈ
કચ્છ જિલ્લામાં બાલિકા પંચાયતના સશક્તિકરણ માટે ત્રિદિવસીય તાલીમ યોજાઈ હતી. તાલીમમાં જિલ્લાના વિવિધ તાલુકાઓમાંથી પ્રશિક્ષકો ઉપસ્થિત રહ્યા હતા. બાળકીઓના અધિકારો, શિક્ષણ અને નેતૃત્વ ક્ષમતા વિકાસ અંગે માર્ગદર્શન આપવામાં આવ્યું હતું. અધિકારીઓએ જણાવ્યું કે બાલિકા પંચાયત દ્વારા ગામડાંની દીકરીઓને સ્થાનિક નિર્ણય પ્રક્રિયામાં ભાગીદાર બનાવવામાં આવશે. તાલીમ દરમિયાન જૂથ ચર્ચા અને પ્રાયોગિક સત્રોનું આયોજન કરવામાં આવ્યું હતું.
અમદાવાદ-ભુજ મેમુ ટ્રેન આવી પહોંચી
અમદાવાદથી ભુજ વચ્ચે દોડતી મેમુ ટ્રેન સમયસર ભુજ સ્ટેશને પહોંચી હતી. મુસાફરોએ રાહતનો શ્વાસ લીધો હતો. રેલવે તંત્રે ટ્રેન સંચાલનની સમીક્ષા કરી હતી.
બંધ પડેલી ઈ-મેલ
(છેલ્લા પાનાનું ચાલુ)
ઈ-મેલ આઈડી બંધ હોવાના કારણે નાગરિકોને ફરિયાદ નોંધાવવામાં મુશ્કેલી પડી રહી હતી. અધિકારીઓએ જણાવ્યું કે નવી ઈ-મેલ વ્યવસ્થા ટૂંક સમયમાં શરૂ કરવામાં આવશે. ટેકનિકલ ટીમ આ અંગે કામ કરી રહી છે. નાગરિકોને સંપર્ક માટે વૈકલ્પિક નંબર આપવામાં આવ્યા છે.
ઈ-મેલ આઈડી બંધ હોવાના કારણે નાગરિકોને ફરિયાદ નોંધાવવામાં મુશ્કેલી પડી રહી હતી. અધિકારીઓએ જણાવ્યું કે નવી ઈ-મેલ વ્યવસ્થા ટૂંક સમયમાં શરૂ કરવામાં આવશે. ટેકનિકલ ટીમ આ અંગે કામ કરી રહી છે. નાગરિકોને સંપર્ક માટે વૈકલ્પિક નંબર આપવામાં આવ્યા છે.
